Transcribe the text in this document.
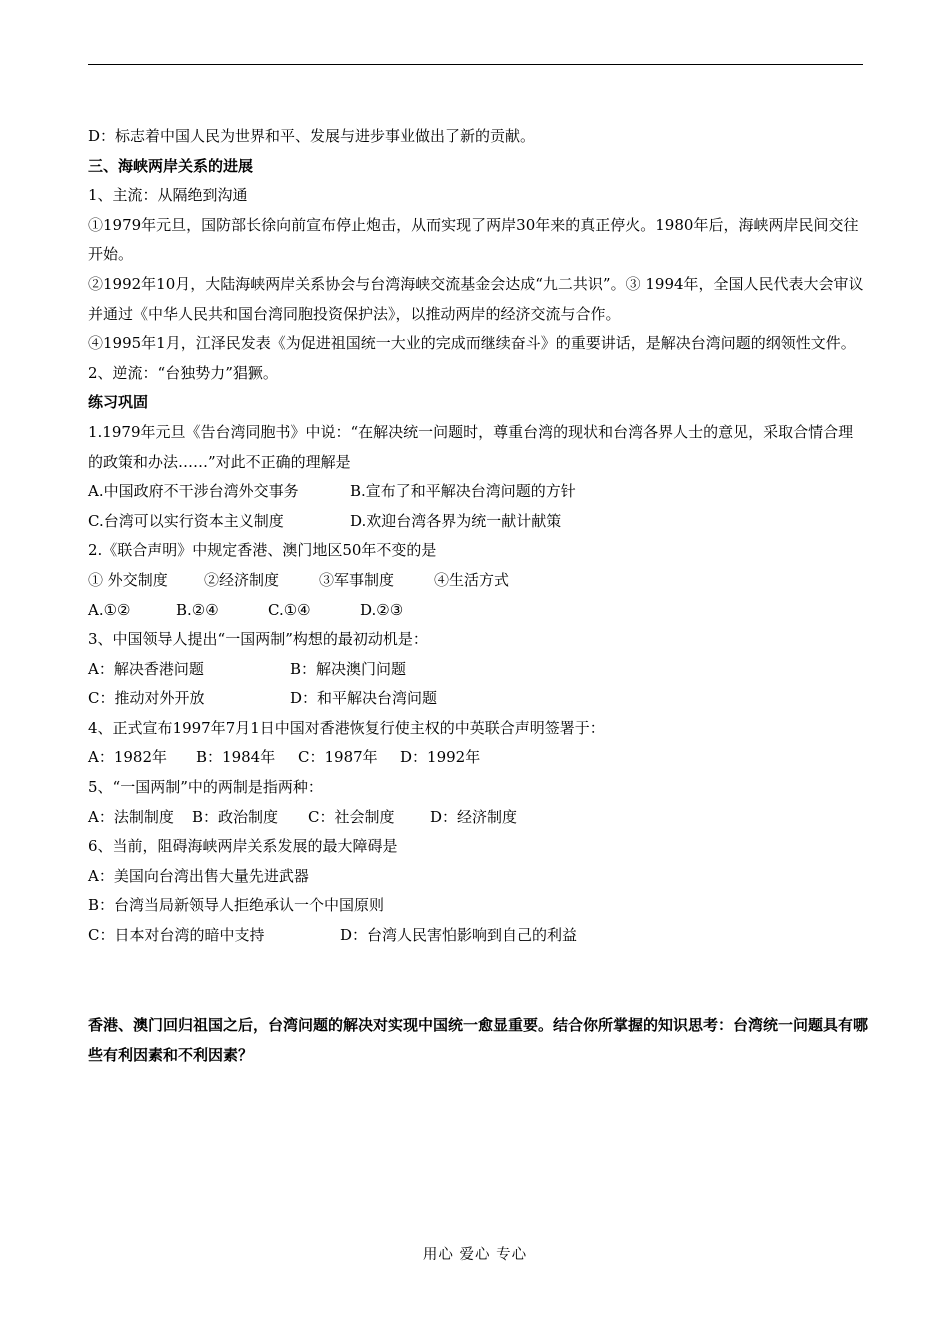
D：标志着中国人民为世界和平、发展与进步事业做出了新的贡献。
三、海峡两岸关系的进展
1、主流：从隔绝到沟通
①1979年元旦，国防部长徐向前宣布停止炮击，从而实现了两岸30年来的真正停火。1980年后，海峡两岸民间交往开始。
②1992年10月，大陆海峡两岸关系协会与台湾海峡交流基金会达成“九二共识”。③ 1994年，全国人民代表大会审议并通过《中华人民共和国台湾同胞投资保护法》，以推动两岸的经济交流与合作。
④1995年1月，江泽民发表《为促进祖国统一大业的完成而继续奋斗》的重要讲话，是解决台湾问题的纲领性文件。
2、逆流：“台独势力”猖獗。
练习巩固
1.1979年元旦《告台湾同胞书》中说：“在解决统一问题时，尊重台湾的现状和台湾各界人士的意见，采取合情合理的政策和办法……”对此不正确的理解是
A.中国政府不干涉台湾外交事务	B.宣布了和平解决台湾问题的方针
C.台湾可以实行资本主义制度	D.欢迎台湾各界为统一献计献策
2.《联合声明》中规定香港、澳门地区50年不变的是
① 外交制度	②经济制度	③军事制度	④生活方式
A.①②	B.②④	C.①④	D.②③
3、中国领导人提出“一国两制”构想的最初动机是：
A：解决香港问题	B：解决澳门问题
C：推动对外开放	D：和平解决台湾问题
4、正式宣布1997年7月1日中国对香港恢复行使主权的中英联合声明签署于：
A：1982年	B：1984年	C：1987年	D：1992年
5、“一国两制”中的两制是指两种：
A：法制制度	B：政治制度	C：社会制度	D：经济制度
6、当前，阻碍海峡两岸关系发展的最大障碍是
A：美国向台湾出售大量先进武器
B：台湾当局新领导人拒绝承认一个中国原则
C：日本对台湾的暗中支持	D：台湾人民害怕影响到自己的利益
香港、澳门回归祖国之后，台湾问题的解决对实现中国统一愈显重要。结合你所掌握的知识思考：台湾统一问题具有哪些有利因素和不利因素？
用心 爱心 专心
